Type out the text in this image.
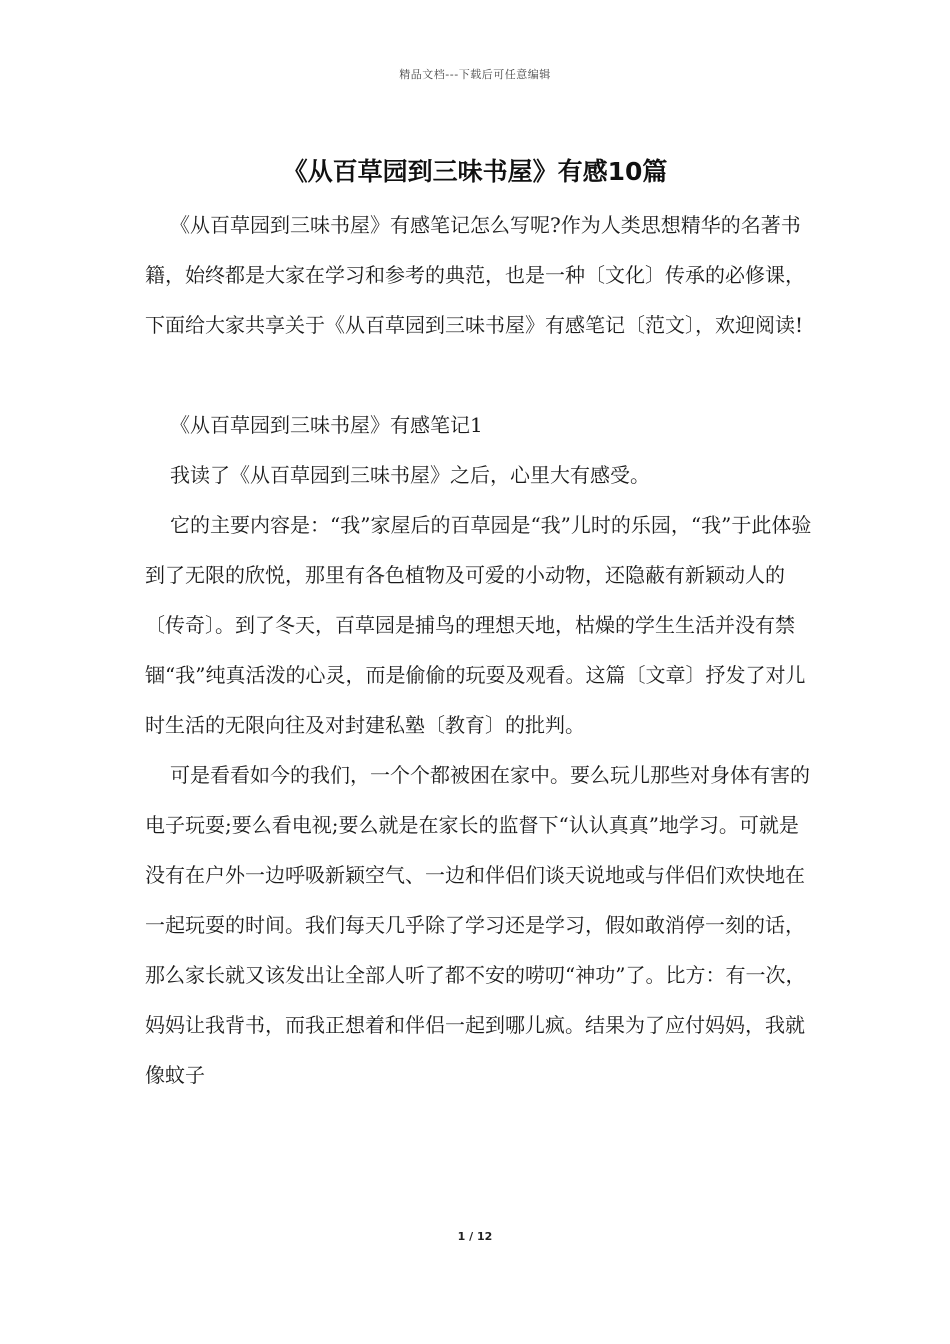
精品文档---下载后可任意编辑
《从百草园到三味书屋》有感10篇

《从百草园到三味书屋》有感笔记怎么写呢?作为人类思想精华的名著书籍，始终都是大家在学习和参考的典范，也是一种〔文化〕传承的必修课，下面给大家共享关于《从百草园到三味书屋》有感笔记〔范文〕，欢迎阅读!

《从百草园到三味书屋》有感笔记1

我读了《从百草园到三味书屋》之后，心里大有感受。

它的主要内容是：“我”家屋后的百草园是“我”儿时的乐园，“我”于此体验到了无限的欣悦，那里有各色植物及可爱的小动物，还隐蔽有新颖动人的〔传奇〕。到了冬天，百草园是捕鸟的理想天地，枯燥的学生生活并没有禁锢“我”纯真活泼的心灵，而是偷偷的玩耍及观看。这篇〔文章〕抒发了对儿时生活的无限向往及对封建私塾〔教育〕的批判。

可是看看如今的我们，一个个都被困在家中。要么玩儿那些对身体有害的电子玩耍;要么看电视;要么就是在家长的监督下“认认真真”地学习。可就是没有在户外一边呼吸新颖空气、一边和伴侣们谈天说地或与伴侣们欢快地在一起玩耍的时间。我们每天几乎除了学习还是学习，假如敢消停一刻的话，那么家长就又该发出让全部人听了都不安的唠叨“神功”了。比方：有一次，妈妈让我背书，而我正想着和伴侣一起到哪儿疯。结果为了应付妈妈，我就像蚊子

1 / 12
